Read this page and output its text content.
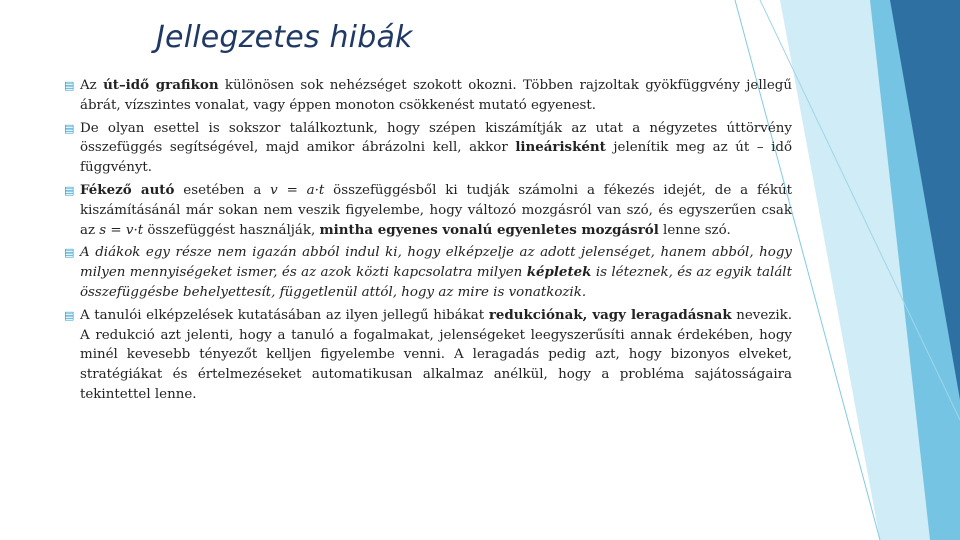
Jellegzetes hibák
▤ Az út–idő grafikon különösen sok nehézséget szokott okozni. Többen rajzoltak gyökfüggvény jellegű ábrát, vízszintes vonalat, vagy éppen monoton csökkenést mutató egyenest.
▤ De olyan esettel is sokszor találkoztunk, hogy szépen kiszámítják az utat a négyzetes úttörvény összefüggés segítségével, majd amikor ábrázolni kell, akkor lineárisként jelenítik meg az út – idő függvényt.
▤ Fékező autó esetében a v = a·t összefüggésből ki tudják számolni a fékezés idejét, de a fékút kiszámításánál már sokan nem veszik figyelembe, hogy változó mozgásról van szó, és egyszerűen csak az s = v·t összefüggést használják, mintha egyenes vonalú egyenletes mozgásról lenne szó.
▤ A diákok egy része nem igazán abból indul ki, hogy elképzelje az adott jelenséget, hanem abból, hogy milyen mennyiségeket ismer, és az azok közti kapcsolatra milyen képletek is léteznek, és az egyik talált összefüggésbe behelyettesít, függetlenül attól, hogy az mire is vonatkozik.
▤ A tanulói elképzelések kutatásában az ilyen jellegű hibákat redukciónak, vagy leragadásnak nevezik. A redukció azt jelenti, hogy a tanuló a fogalmakat, jelenségeket leegyszerűsíti annak érdekében, hogy minél kevesebb tényezőt kelljen figyelembe venni. A leragadás pedig azt, hogy bizonyos elveket, stratégiákat és értelmezéseket automatikusan alkalmaz anélkül, hogy a probléma sajátosságaira tekintettel lenne.
